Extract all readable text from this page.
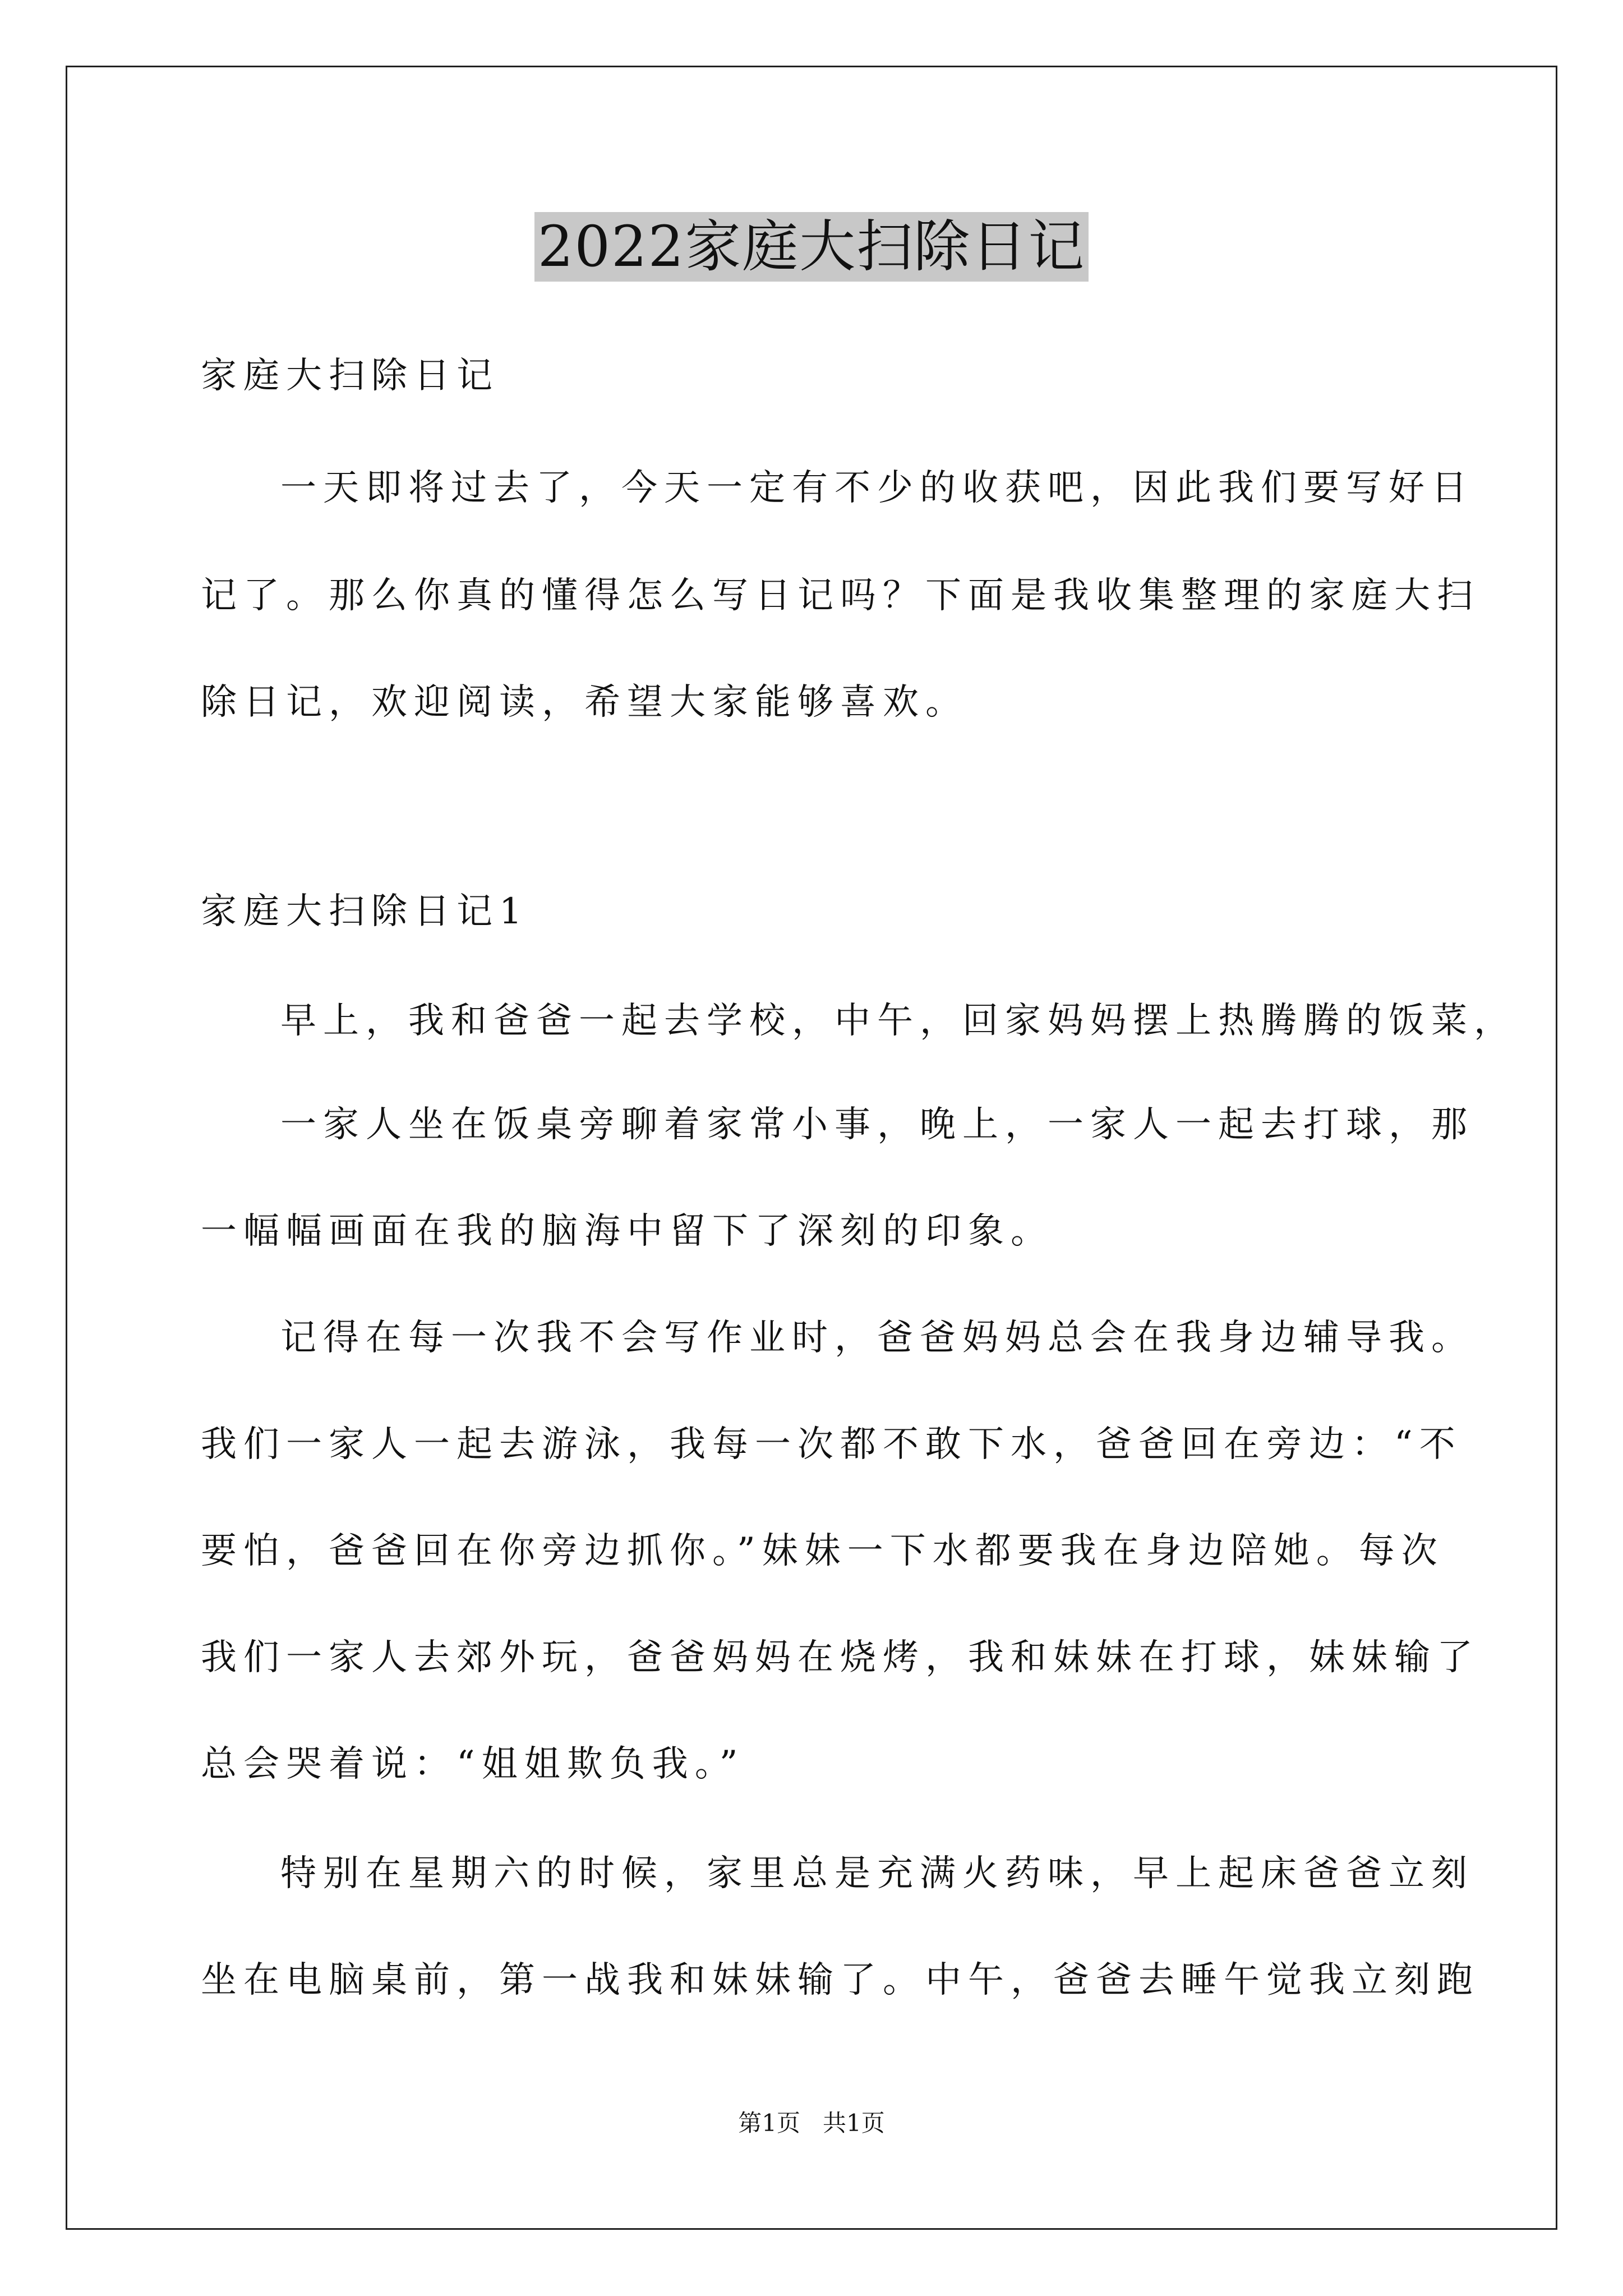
2022家庭大扫除日记
家庭大扫除日记
一天即将过去了，今天一定有不少的收获吧，因此我们要写好日
记了。那么你真的懂得怎么写日记吗？下面是我收集整理的家庭大扫
除日记，欢迎阅读，希望大家能够喜欢。
家庭大扫除日记1
早上，我和爸爸一起去学校，中午，回家妈妈摆上热腾腾的饭菜，
一家人坐在饭桌旁聊着家常小事，晚上，一家人一起去打球，那
一幅幅画面在我的脑海中留下了深刻的印象。
记得在每一次我不会写作业时，爸爸妈妈总会在我身边辅导我。
我们一家人一起去游泳，我每一次都不敢下水，爸爸回在旁边：“不
要怕，爸爸回在你旁边抓你。”妹妹一下水都要我在身边陪她。每次
我们一家人去郊外玩，爸爸妈妈在烧烤，我和妹妹在打球，妹妹输了
总会哭着说：“姐姐欺负我。”
特别在星期六的时候，家里总是充满火药味，早上起床爸爸立刻
坐在电脑桌前，第一战我和妹妹输了。中午，爸爸去睡午觉我立刻跑
第1页   共1页
